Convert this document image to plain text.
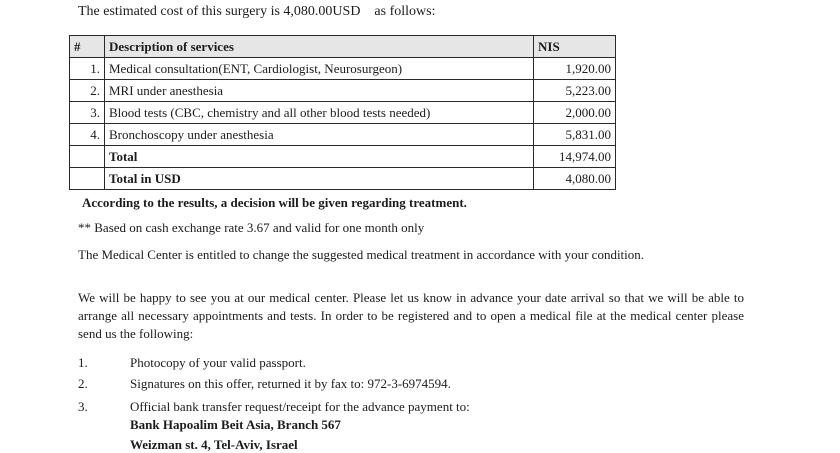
The estimated cost of this surgery is 4,080.00USD    as follows:
#	Description of services	NIS
1.	Medical consultation(ENT, Cardiologist, Neurosurgeon)	1,920.00
2.	MRI under anesthesia	5,223.00
3.	Blood tests (CBC, chemistry and all other blood tests needed)	2,000.00
4.	Bronchoscopy under anesthesia	5,831.00
	Total	14,974.00
	Total in USD	4,080.00
According to the results, a decision will be given regarding treatment.
** Based on cash exchange rate 3.67 and valid for one month only
The Medical Center is entitled to change the suggested medical treatment in accordance with your condition.
We will be happy to see you at our medical center. Please let us know in advance your date arrival so that we will be able to arrange all necessary appointments and tests. In order to be registered and to open a medical file at the medical center please send us the following:
1.	Photocopy of your valid passport.
2.	Signatures on this offer, returned it by fax to: 972-3-6974594.
3.	Official bank transfer request/receipt for the advance payment to:
Bank Hapoalim Beit Asia, Branch 567
Weizman st. 4, Tel-Aviv, Israel
